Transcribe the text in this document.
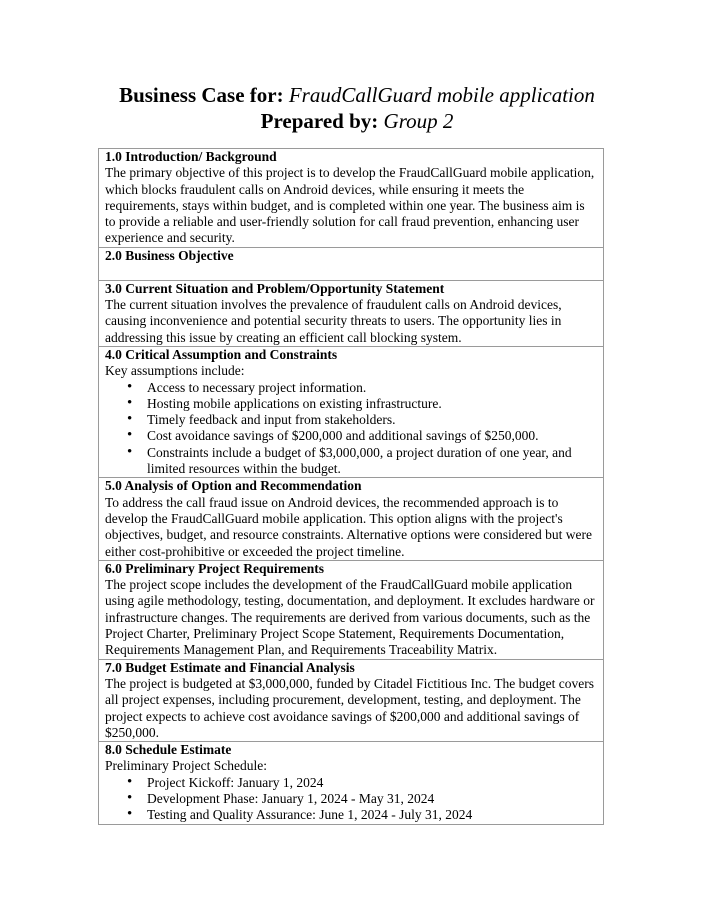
Business Case for: FraudCallGuard mobile application
Prepared by: Group 2
1.0 Introduction/ Background
The primary objective of this project is to develop the FraudCallGuard mobile application, which blocks fraudulent calls on Android devices, while ensuring it meets the requirements, stays within budget, and is completed within one year. The business aim is to provide a reliable and user-friendly solution for call fraud prevention, enhancing user experience and security.

2.0 Business Objective

3.0 Current Situation and Problem/Opportunity Statement
The current situation involves the prevalence of fraudulent calls on Android devices, causing inconvenience and potential security threats to users. The opportunity lies in addressing this issue by creating an efficient call blocking system.

4.0 Critical Assumption and Constraints
Key assumptions include:
• Access to necessary project information.
• Hosting mobile applications on existing infrastructure.
• Timely feedback and input from stakeholders.
• Cost avoidance savings of $200,000 and additional savings of $250,000.
• Constraints include a budget of $3,000,000, a project duration of one year, and limited resources within the budget.

5.0 Analysis of Option and Recommendation
To address the call fraud issue on Android devices, the recommended approach is to develop the FraudCallGuard mobile application. This option aligns with the project's objectives, budget, and resource constraints. Alternative options were considered but were either cost-prohibitive or exceeded the project timeline.

6.0 Preliminary Project Requirements
The project scope includes the development of the FraudCallGuard mobile application using agile methodology, testing, documentation, and deployment. It excludes hardware or infrastructure changes. The requirements are derived from various documents, such as the Project Charter, Preliminary Project Scope Statement, Requirements Documentation, Requirements Management Plan, and Requirements Traceability Matrix.

7.0 Budget Estimate and Financial Analysis
The project is budgeted at $3,000,000, funded by Citadel Fictitious Inc. The budget covers all project expenses, including procurement, development, testing, and deployment. The project expects to achieve cost avoidance savings of $200,000 and additional savings of $250,000.

8.0 Schedule Estimate
Preliminary Project Schedule:
• Project Kickoff: January 1, 2024
• Development Phase: January 1, 2024 - May 31, 2024
• Testing and Quality Assurance: June 1, 2024 - July 31, 2024
